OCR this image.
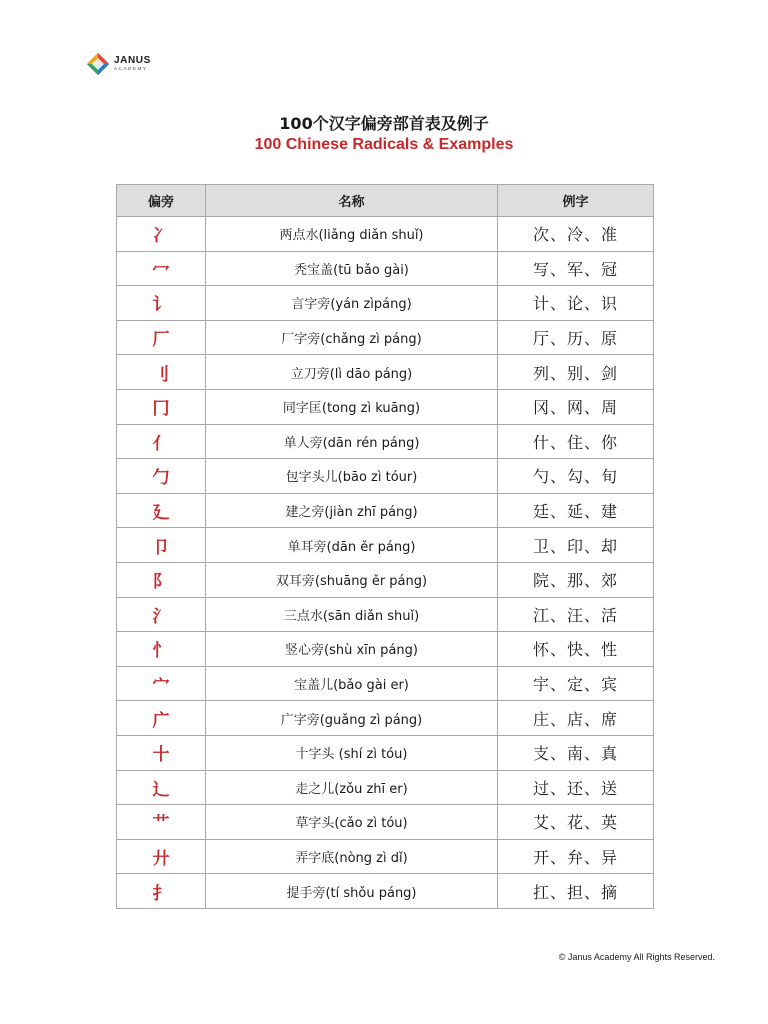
JANUS
ACADEMY
100个汉字偏旁部首表及例子
100 Chinese Radicals & Examples
偏旁	名称	例字
冫	两点水(liǎng diǎn shuǐ)	次、冷、准
冖	秃宝盖(tū bǎo gài)	写、军、冠
讠	言字旁(yán zìpáng)	计、论、识
厂	厂字旁(chǎng zì páng)	厅、历、原
刂	立刀旁(lì dāo páng)	列、别、剑
冂	同字匡(tong zì kuāng)	冈、网、周
亻	单人旁(dān rén páng)	什、住、你
勹	包字头儿(bāo zì tóur)	勺、勾、旬
廴	建之旁(jiàn zhī páng)	廷、延、建
卩	单耳旁(dān ěr páng)	卫、印、却
阝	双耳旁(shuāng ěr páng)	院、那、郊
氵	三点水(sān diǎn shuǐ)	江、汪、活
忄	竖心旁(shù xīn páng)	怀、快、性
宀	宝盖儿(bǎo gài er)	宇、定、宾
广	广字旁(guǎng zì páng)	庄、店、席
十	十字头 (shí zì tóu)	支、南、真
辶	走之儿(zǒu zhī er)	过、还、送
艹	草字头(cǎo zì tóu)	艾、花、英
廾	弄字底(nòng zì dǐ)	开、弁、异
扌	提手旁(tí shǒu páng)	扛、担、摘
© Janus Academy All Rights Reserved.
